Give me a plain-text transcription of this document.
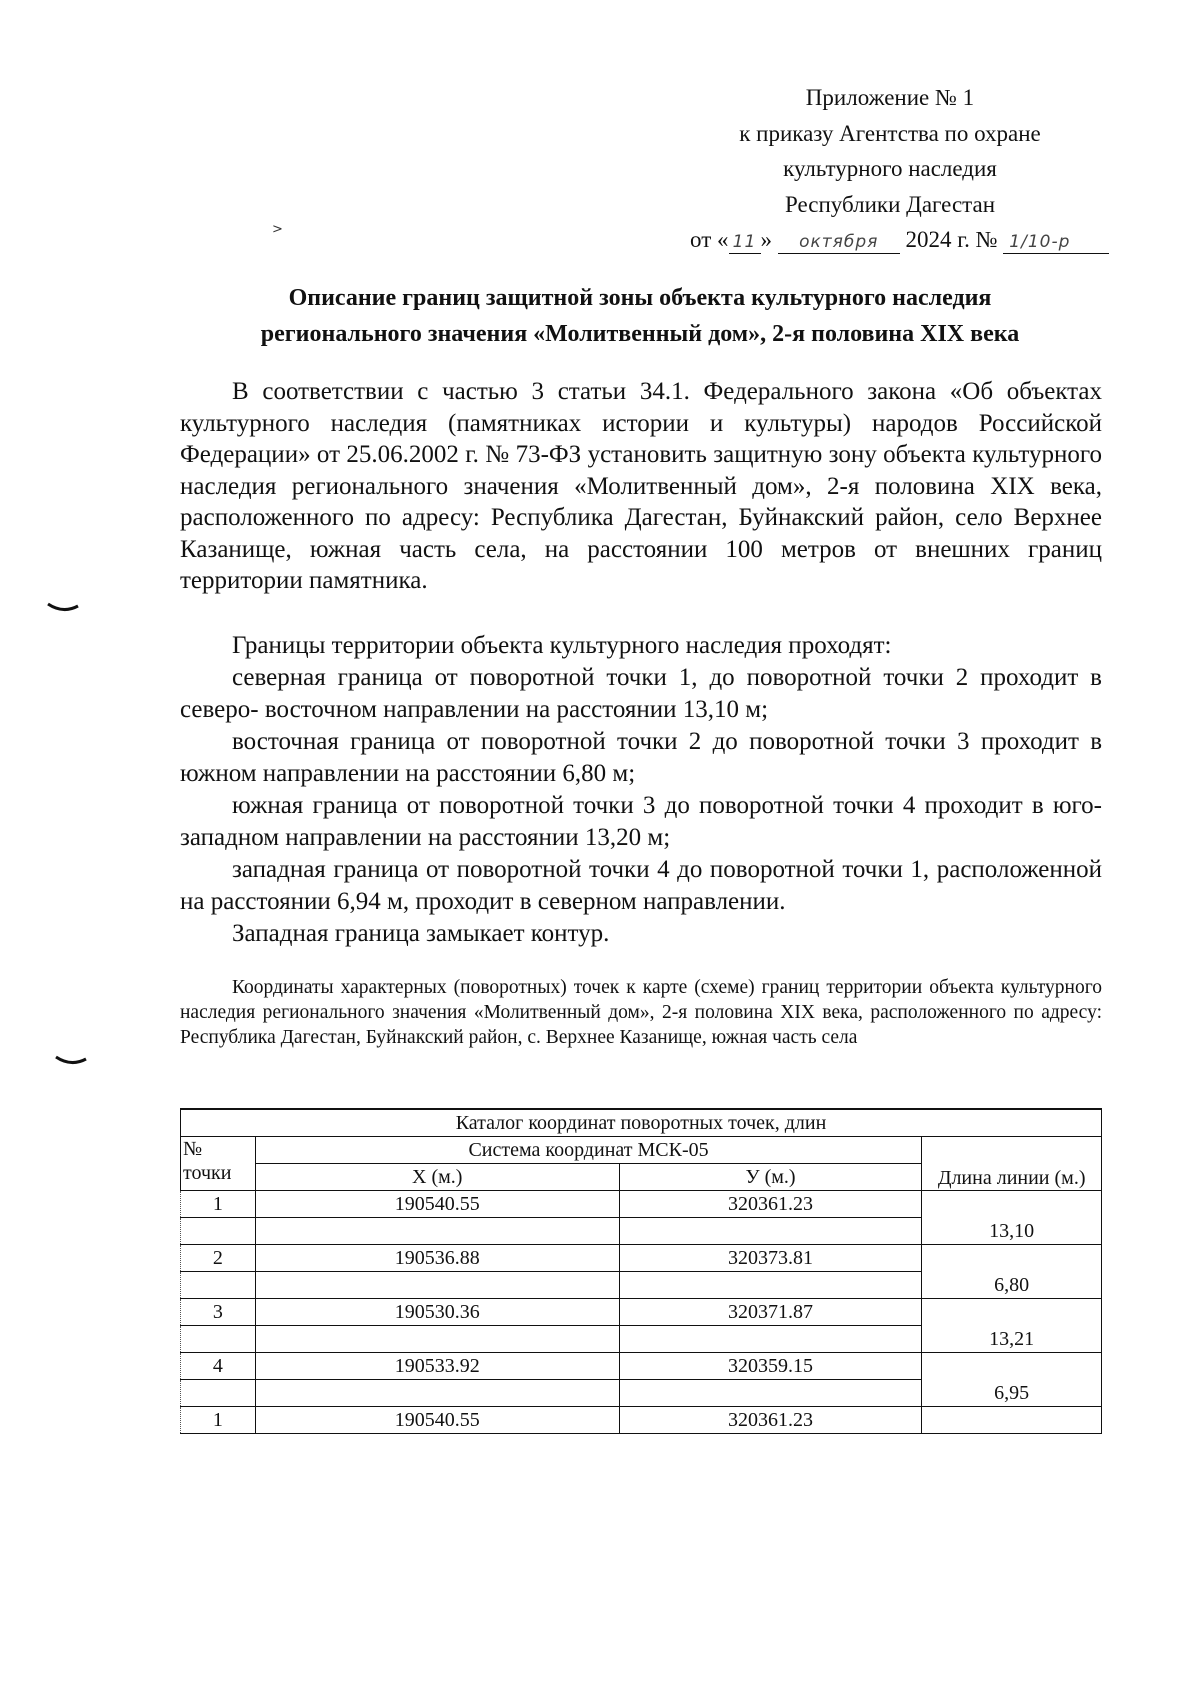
Приложение № 1
к приказу Агентства по охране
культурного наследия
Республики Дагестан
от « 11 » октября 2024 г. № 1/10-р
>
Описание границ защитной зоны объекта культурного наследия
регионального значения «Молитвенный дом», 2-я половина XIX века
В соответствии с частью 3 статьи 34.1. Федерального закона «Об объектах культурного наследия (памятниках истории и культуры) народов Российской Федерации» от 25.06.2002 г. № 73-ФЗ установить защитную зону объекта культурного наследия регионального значения «Молитвенный дом», 2-я половина XIX века, расположенного по адресу: Республика Дагестан, Буйнакский район, село Верхнее Казанище, южная часть села, на расстоянии 100 метров от внешних границ территории памятника.
Границы территории объекта культурного наследия проходят:
северная граница от поворотной точки 1, до поворотной точки 2 проходит в северо- восточном направлении на расстоянии 13,10 м;
восточная граница от поворотной точки 2 до поворотной точки 3 проходит в южном направлении на расстоянии 6,80 м;
южная граница от поворотной точки 3 до поворотной точки 4 проходит в юго-западном направлении на расстоянии 13,20 м;
западная граница от поворотной точки 4 до поворотной точки 1, расположенной на расстоянии 6,94 м, проходит в северном направлении.
Западная граница замыкает контур.
Координаты характерных (поворотных) точек к карте (схеме) границ территории объекта культурного наследия регионального значения «Молитвенный дом», 2-я половина XIX века, расположенного по адресу: Республика Дагестан, Буйнакский район, с. Верхнее Казанище, южная часть села
Каталог координат поворотных точек, длин			
№ точки	Система координат МСК-05		Длина линии (м.)
	X (м.)	У (м.)	
1	190540.55	320361.23	
			13,10
2	190536.88	320373.81	
			6,80
3	190530.36	320371.87	
			13,21
4	190533.92	320359.15	
			6,95
1	190540.55	320361.23	
